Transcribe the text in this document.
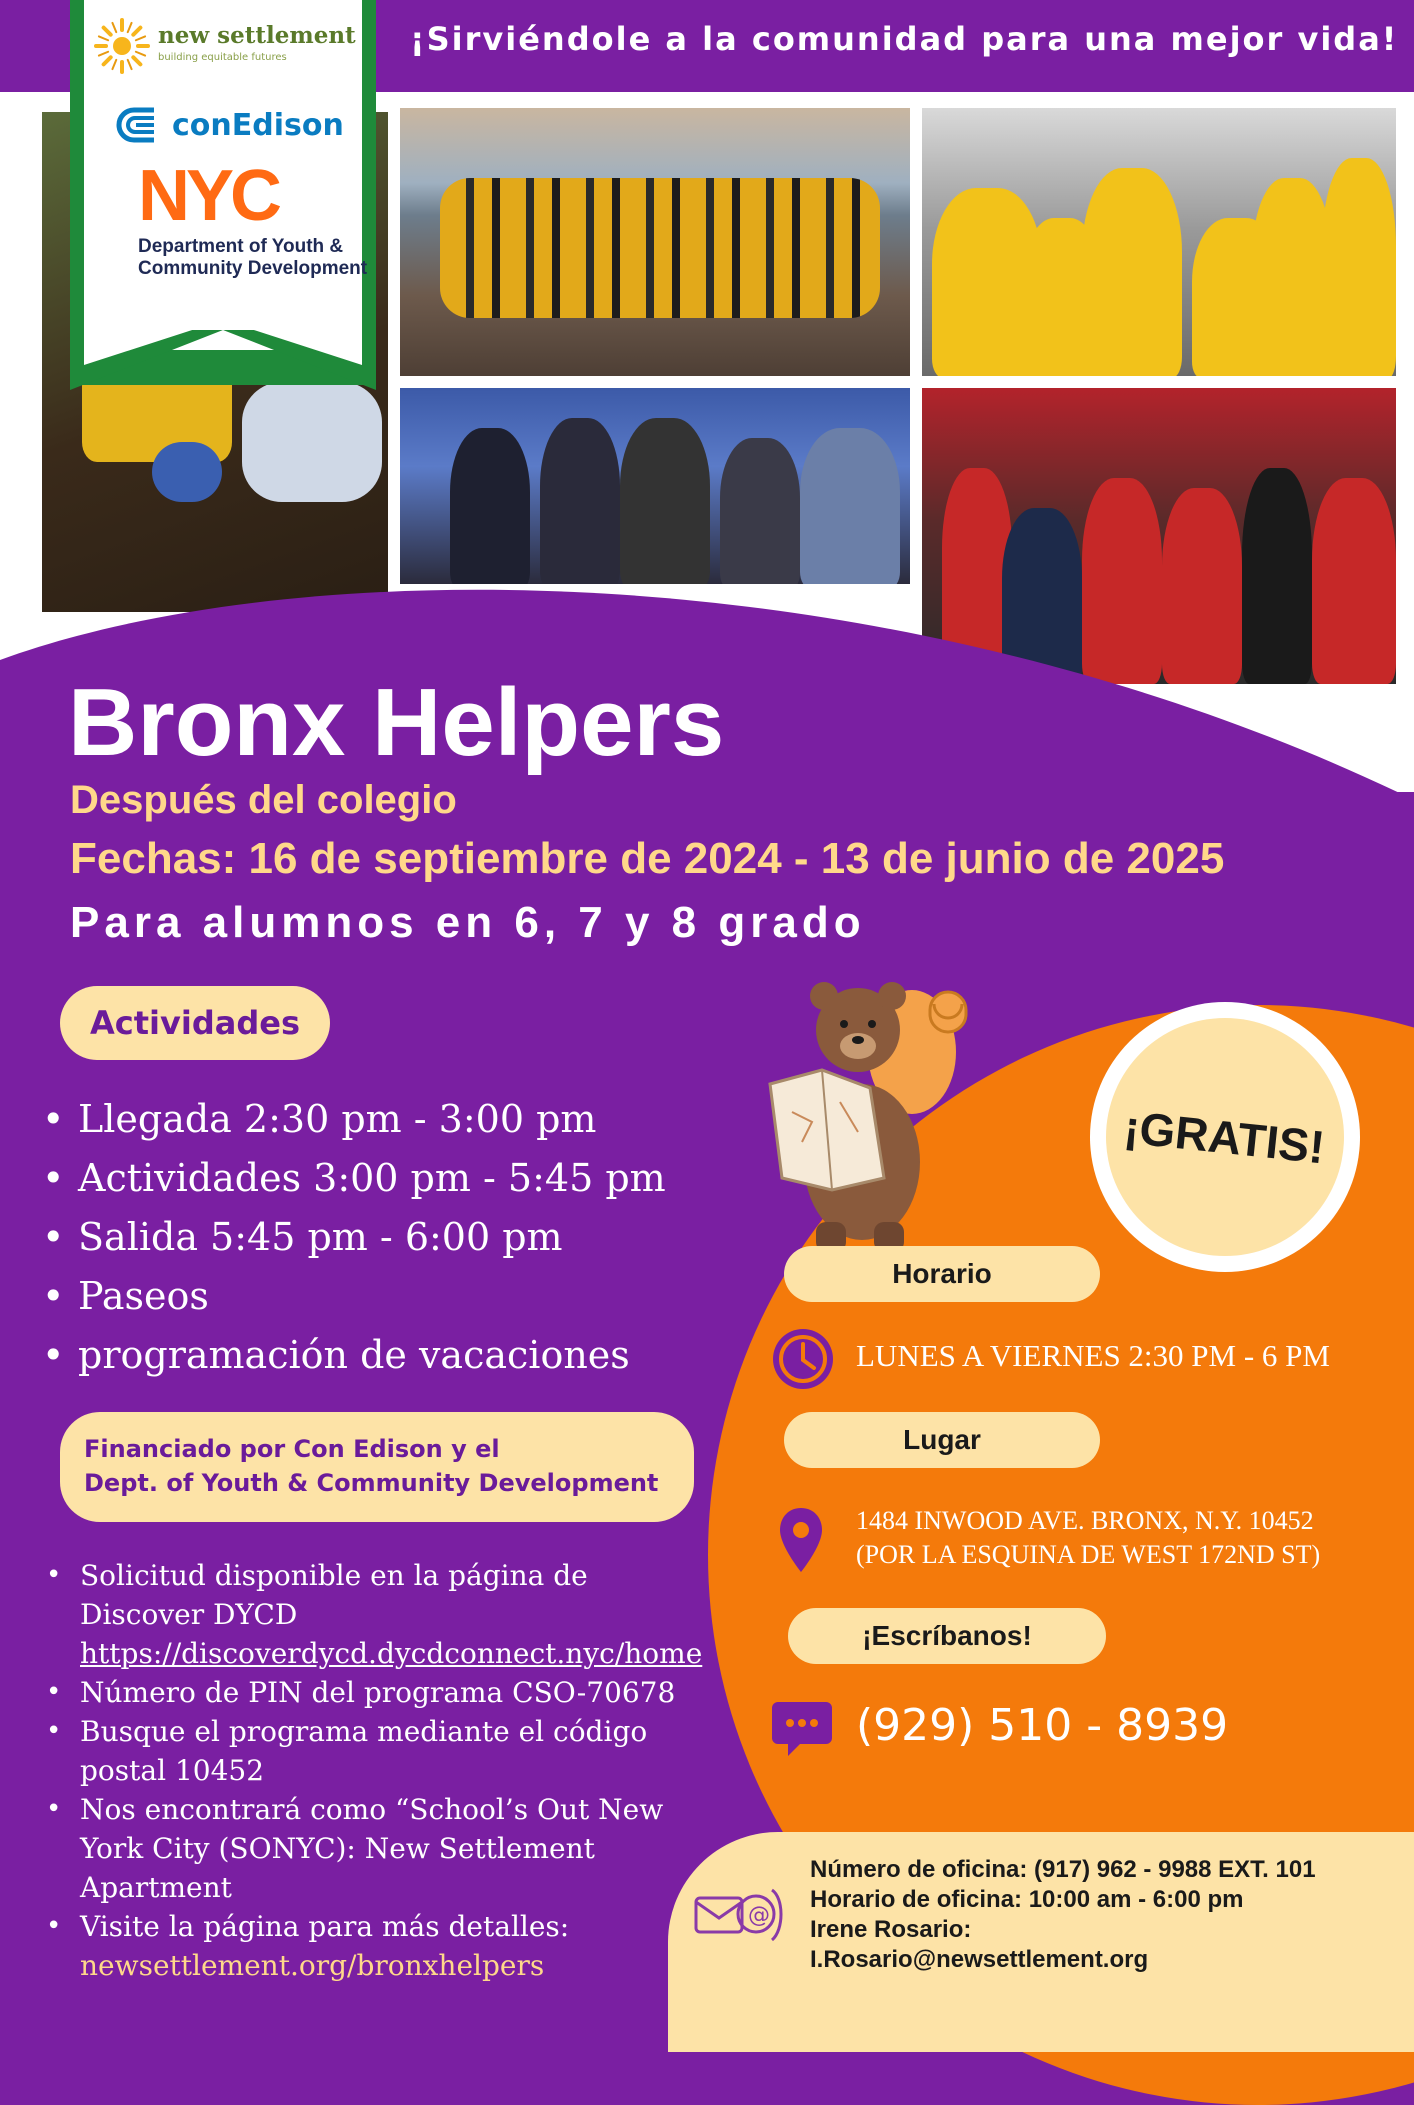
¡Sirviéndole a la comunidad para una mejor vida!
new settlement
building equitable futures
conEdison
NYC
Department of Youth & Community Development
Bronx Helpers
Después del colegio
Fechas: 16 de septiembre de 2024 - 13 de junio de 2025
Para alumnos en 6, 7 y 8 grado
Actividades
• Llegada 2:30 pm - 3:00 pm
• Actividades 3:00 pm - 5:45 pm
• Salida 5:45 pm - 6:00 pm
• Paseos
• programación de vacaciones
Financiado por Con Edison y el
Dept. of Youth & Community Development
• Solicitud disponible en la página de Discover DYCD
https://discoverdycd.dycdconnect.nyc/home
• Número de PIN del programa CSO-70678
• Busque el programa mediante el código postal 10452
• Nos encontrará como “School’s Out New York City (SONYC): New Settlement Apartment
• Visite la página para más detalles:
newsettlement.org/bronxhelpers
¡GRATIS!
Horario
LUNES A VIERNES 2:30 PM - 6 PM
Lugar
1484 INWOOD AVE. BRONX, N.Y. 10452
(POR LA ESQUINA DE WEST 172ND ST)
¡Escríbanos!
(929) 510 - 8939
@
Número de oficina: (917) 962 - 9988 EXT. 101
Horario de oficina: 10:00 am - 6:00 pm
Irene Rosario:
I.Rosario@newsettlement.org
